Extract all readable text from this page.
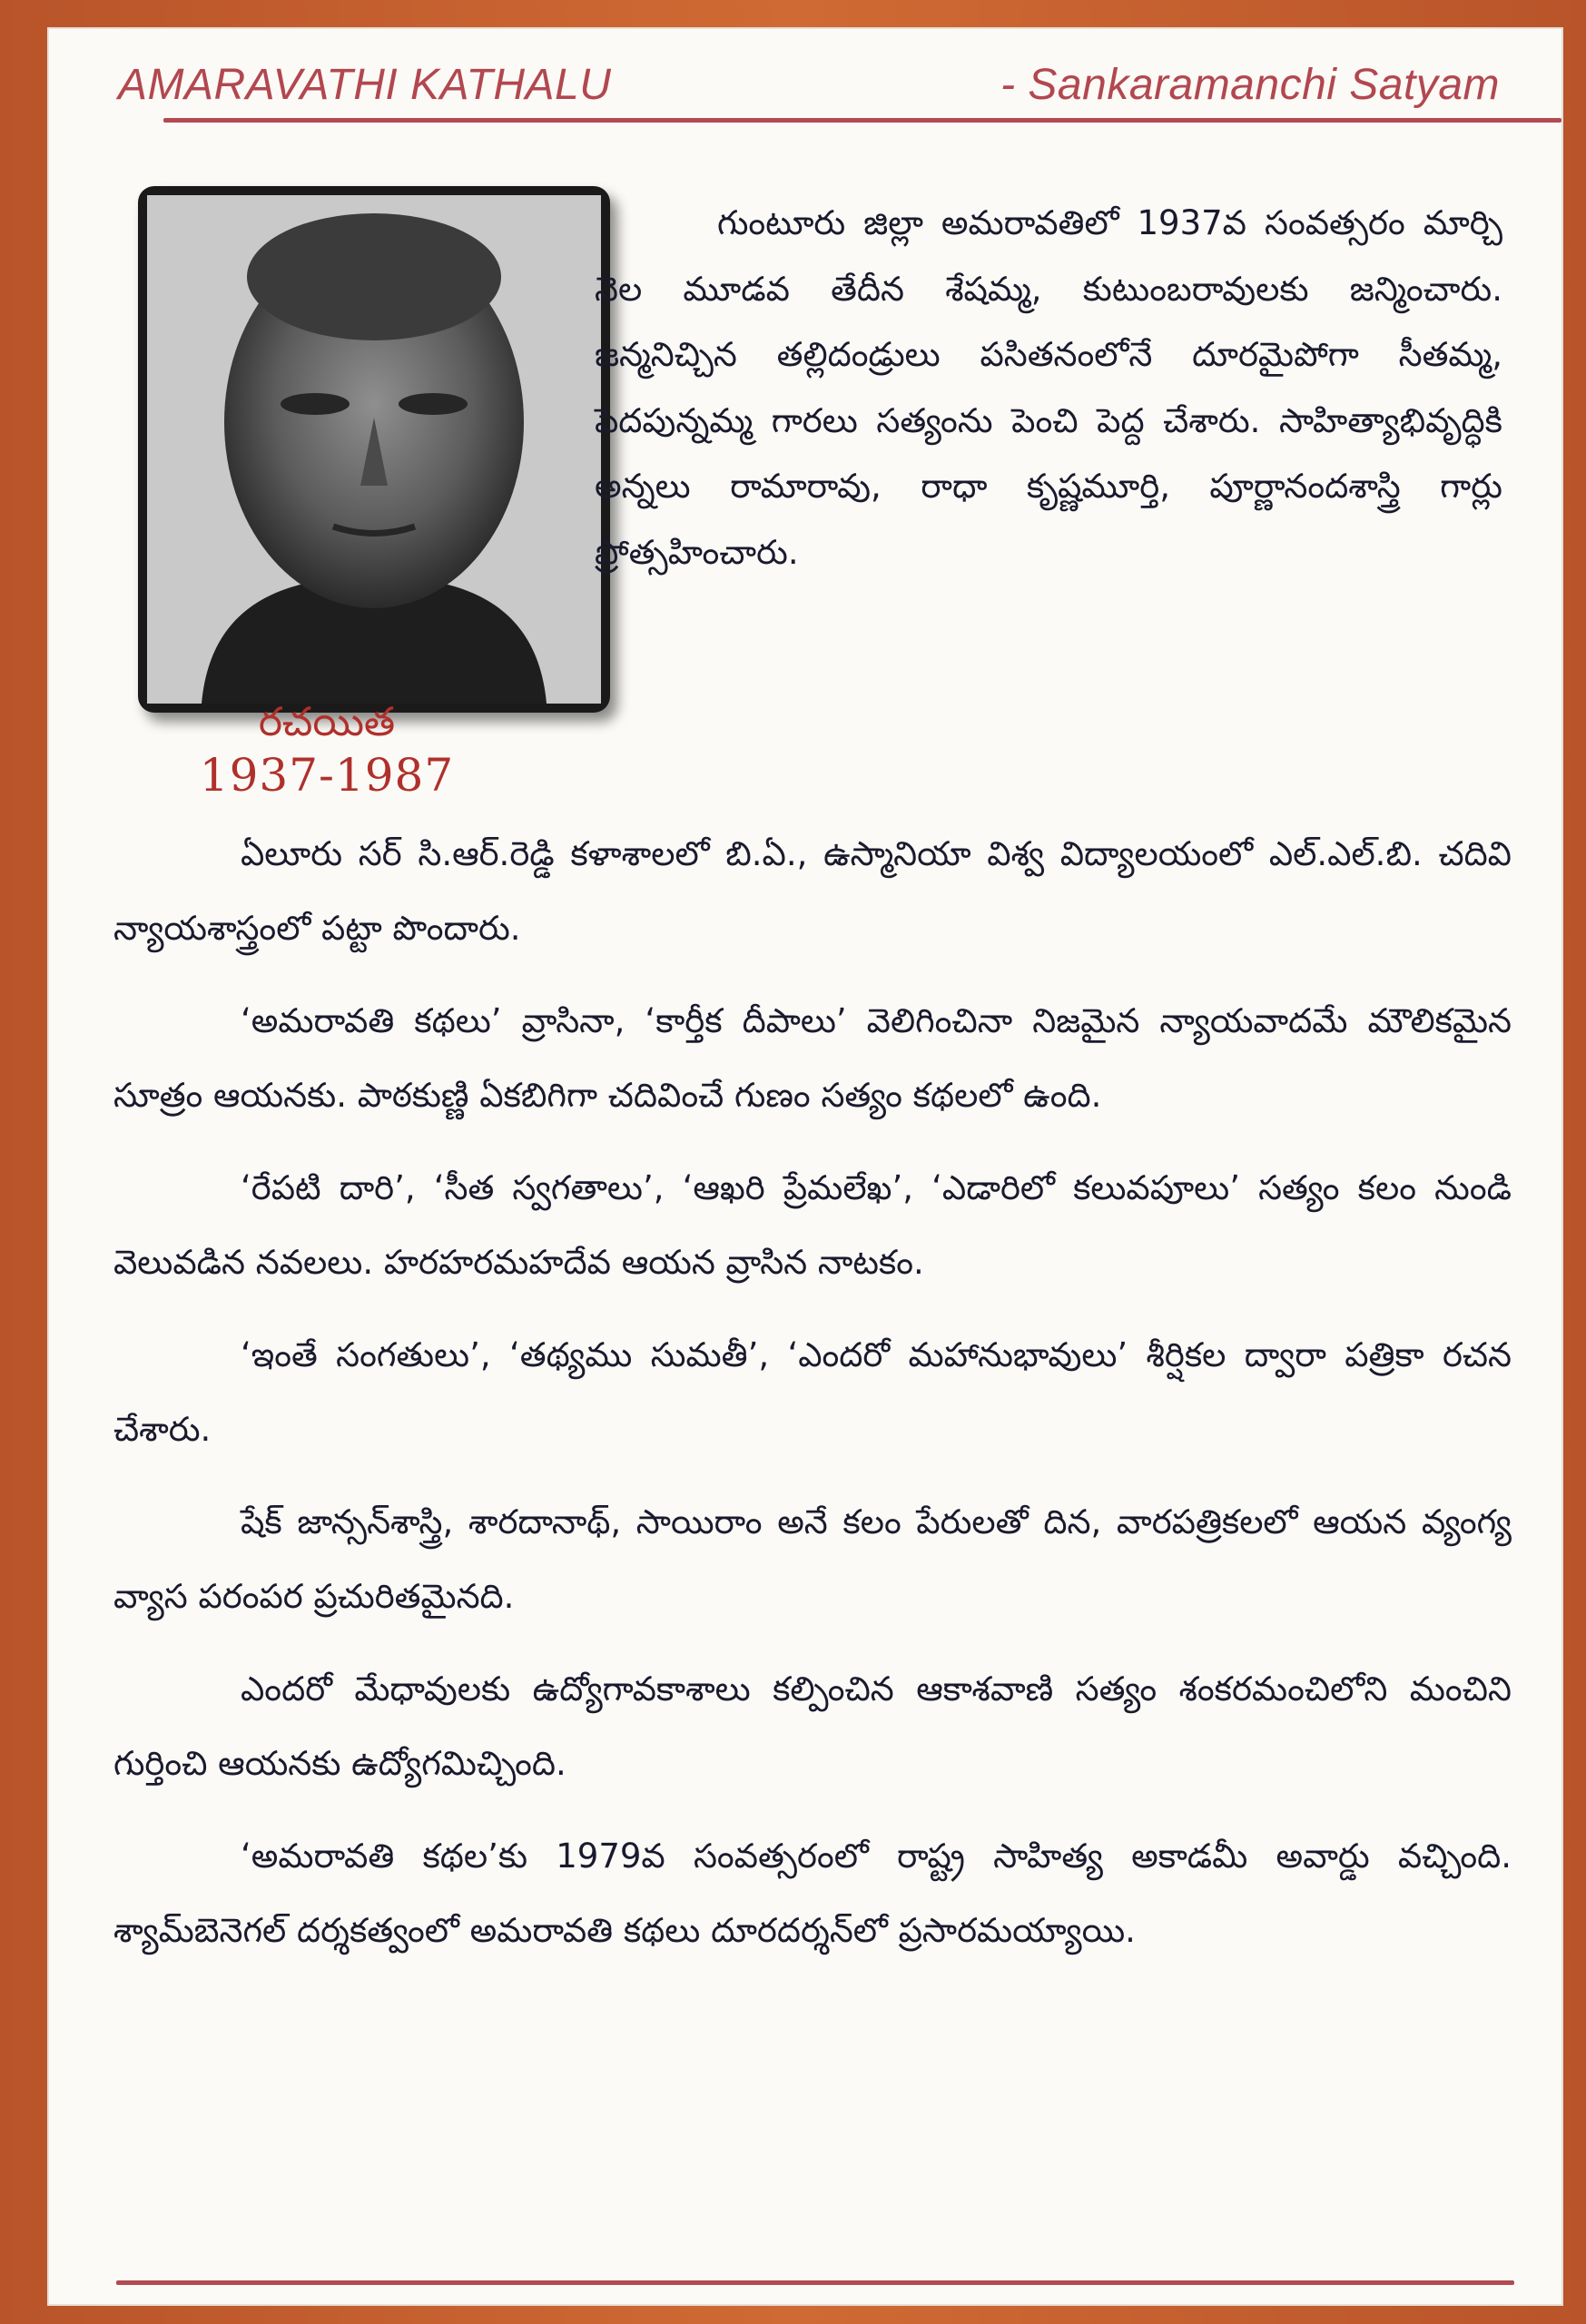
AMARAVATHI KATHALU	- Sankaramanchi Satyam
రచయిత
1937-1987

గుంటూరు జిల్లా అమరావతిలో 1937వ సంవత్సరం మార్చి నెల మూడవ తేదీన శేషమ్మ, కుటుంబరావులకు జన్మించారు. జన్మనిచ్చిన తల్లిదండ్రులు పసితనంలోనే దూరమైపోగా సీతమ్మ, పెదపున్నమ్మ గారలు సత్యంను పెంచి పెద్ద చేశారు. సాహిత్యాభివృద్ధికి అన్నలు రామారావు, రాధా కృష్ణమూర్తి, పూర్ణానందశాస్త్రి గార్లు ప్రోత్సహించారు.

ఏలూరు సర్ సి.ఆర్.రెడ్డి కళాశాలలో బి.ఏ., ఉస్మానియా విశ్వ విద్యాలయంలో ఎల్.ఎల్.బి. చదివి న్యాయశాస్త్రంలో పట్టా పొందారు.

‘అమరావతి కథలు’ వ్రాసినా, ‘కార్తీక దీపాలు’ వెలిగించినా నిజమైన న్యాయవాదమే మౌలికమైన సూత్రం ఆయనకు. పాఠకుణ్ణి ఏకబిగిగా చదివించే గుణం సత్యం కథలలో ఉంది.

‘రేపటి దారి’, ‘సీత స్వగతాలు’, ‘ఆఖరి ప్రేమలేఖ’, ‘ఎడారిలో కలువపూలు’ సత్యం కలం నుండి వెలువడిన నవలలు. హరహరమహదేవ ఆయన వ్రాసిన నాటకం.

‘ఇంతే సంగతులు’, ‘తథ్యము సుమతీ’, ‘ఎందరో మహానుభావులు’ శీర్షికల ద్వారా పత్రికా రచన చేశారు.

షేక్ జాన్సన్‌శాస్త్రి, శారదానాథ్, సాయిరాం అనే కలం పేరులతో దిన, వారపత్రికలలో ఆయన వ్యంగ్య వ్యాస పరంపర ప్రచురితమైనది.

ఎందరో మేధావులకు ఉద్యోగావకాశాలు కల్పించిన ఆకాశవాణి సత్యం శంకరమంచిలోని మంచిని గుర్తించి ఆయనకు ఉద్యోగమిచ్చింది.

‘అమరావతి కథల’కు 1979వ సంవత్సరంలో రాష్ట్ర సాహిత్య అకాడమీ అవార్డు వచ్చింది. శ్యామ్‌బెనెగల్ దర్శకత్వంలో అమరావతి కథలు దూరదర్శన్‌లో ప్రసారమయ్యాయి.
